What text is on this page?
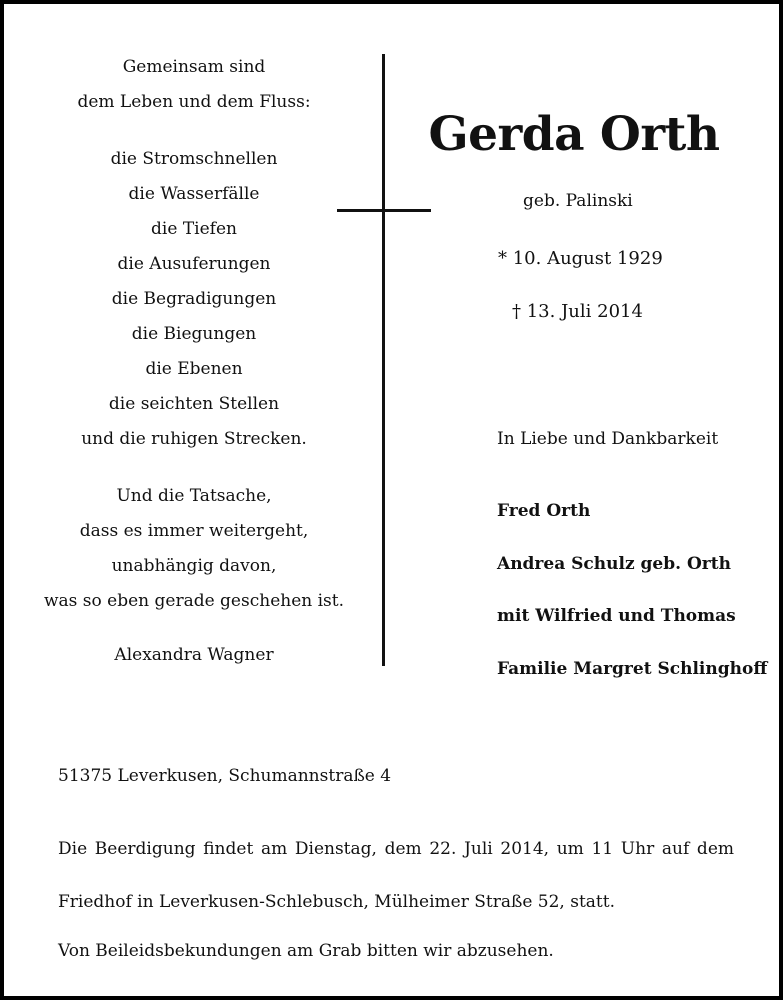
Gemeinsam sind
dem Leben und dem Fluss:
die Stromschnellen
die Wasserfälle
die Tiefen
die Ausuferungen
die Begradigungen
die Biegungen
die Ebenen
die seichten Stellen
und die ruhigen Strecken.
Und die Tatsache,
dass es immer weitergeht,
unabhängig davon,
was so eben gerade geschehen ist.
Alexandra Wagner
Gerda Orth
geb. Palinski
* 10. August 1929
† 13. Juli 2014
In Liebe und Dankbarkeit
Fred Orth
Andrea Schulz geb. Orth
mit Wilfried und Thomas
Familie Margret Schlinghoff
51375 Leverkusen, Schumannstraße 4
Die Beerdigung findet am Dienstag, dem 22. Juli 2014, um 11 Uhr auf dem Friedhof in Leverkusen-Schlebusch, Mülheimer Straße 52, statt.
Von Beileidsbekundungen am Grab bitten wir abzusehen.
